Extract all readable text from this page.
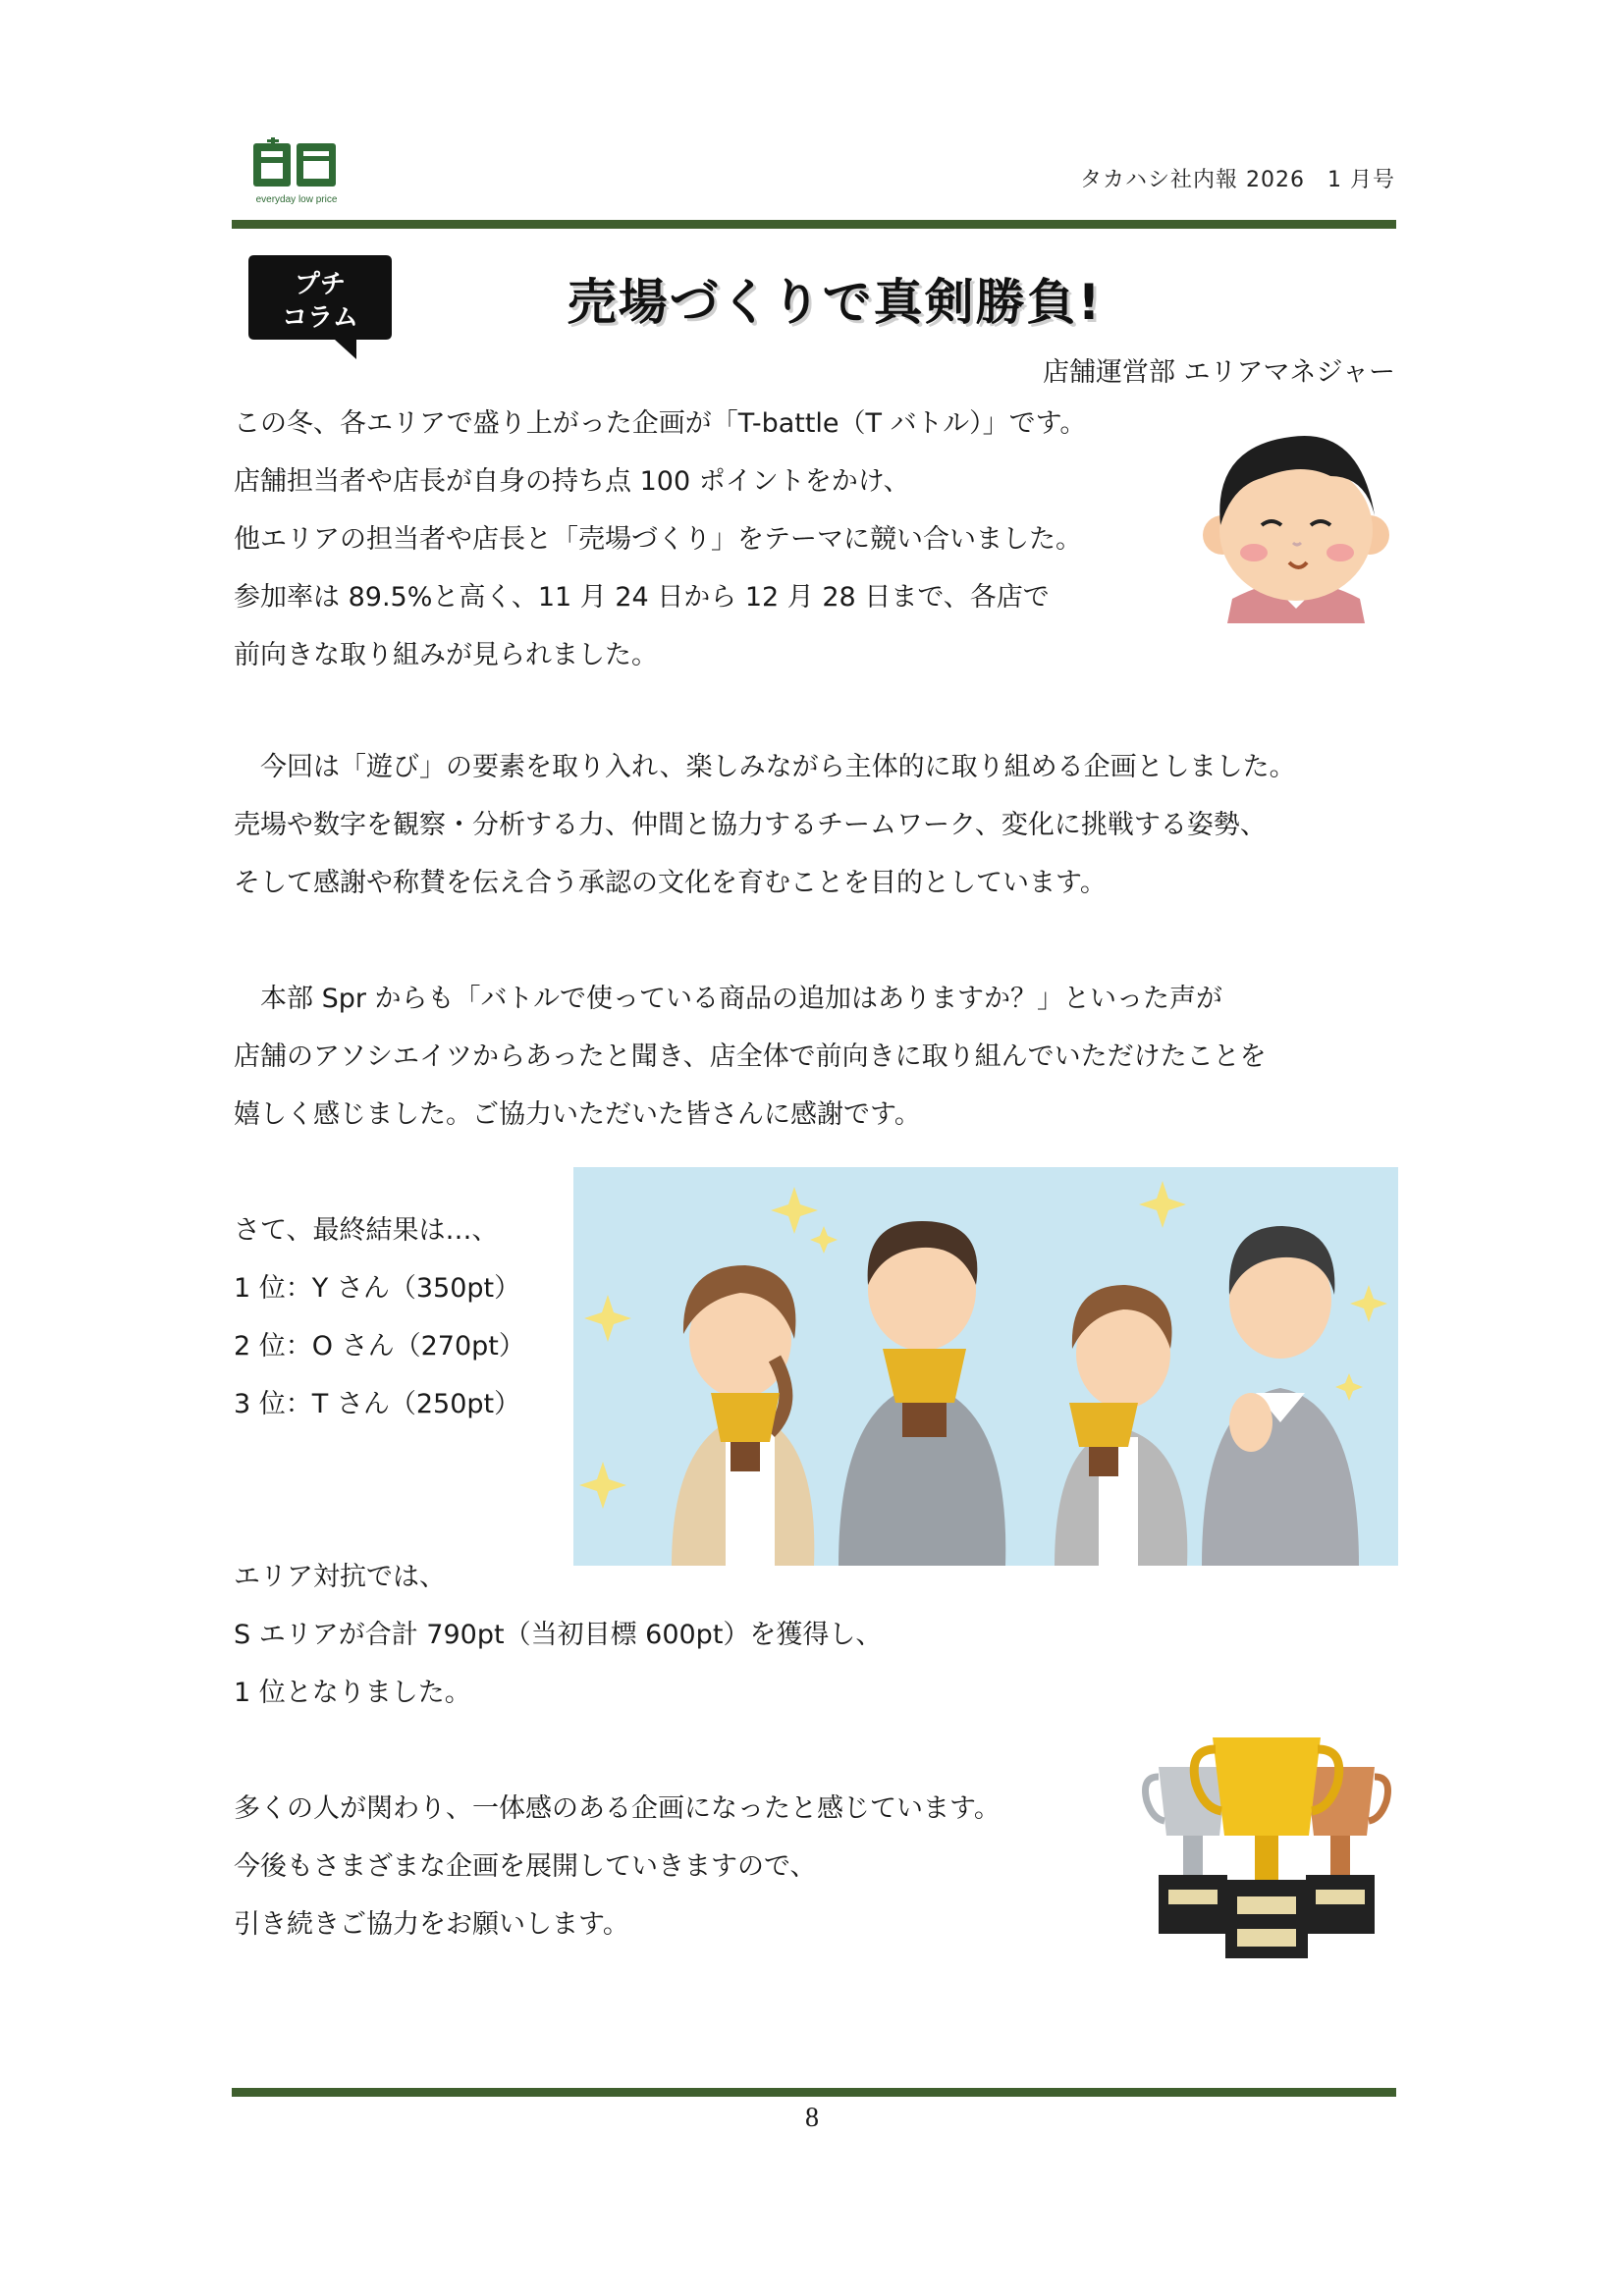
everyday low price
タカハシ社内報 2026　1 月号
プチ
コラム	売場づくりで真剣勝負!
店舗運営部 エリアマネジャー
この冬、各エリアで盛り上がった企画が「T-battle（T バトル）」です。
店舗担当者や店長が自身の持ち点 100 ポイントをかけ、
他エリアの担当者や店長と「売場づくり」をテーマに競い合いました。
参加率は 89.5%と高く、11 月 24 日から 12 月 28 日まで、各店で
前向きな取り組みが見られました。
　今回は「遊び」の要素を取り入れ、楽しみながら主体的に取り組める企画としました。
売場や数字を観察・分析する力、仲間と協力するチームワーク、変化に挑戦する姿勢、
そして感謝や称賛を伝え合う承認の文化を育むことを目的としています。
　本部 Spr からも「バトルで使っている商品の追加はありますか？」といった声が
店舗のアソシエイツからあったと聞き、店全体で前向きに取り組んでいただけたことを
嬉しく感じました。ご協力いただいた皆さんに感謝です。
さて、最終結果は…、
1 位：Y さん（350pt）
2 位：O さん（270pt）
3 位：T さん（250pt）
エリア対抗では、
S エリアが合計 790pt（当初目標 600pt）を獲得し、
1 位となりました。
多くの人が関わり、一体感のある企画になったと感じています。
今後もさまざまな企画を展開していきますので、
引き続きご協力をお願いします。
8
